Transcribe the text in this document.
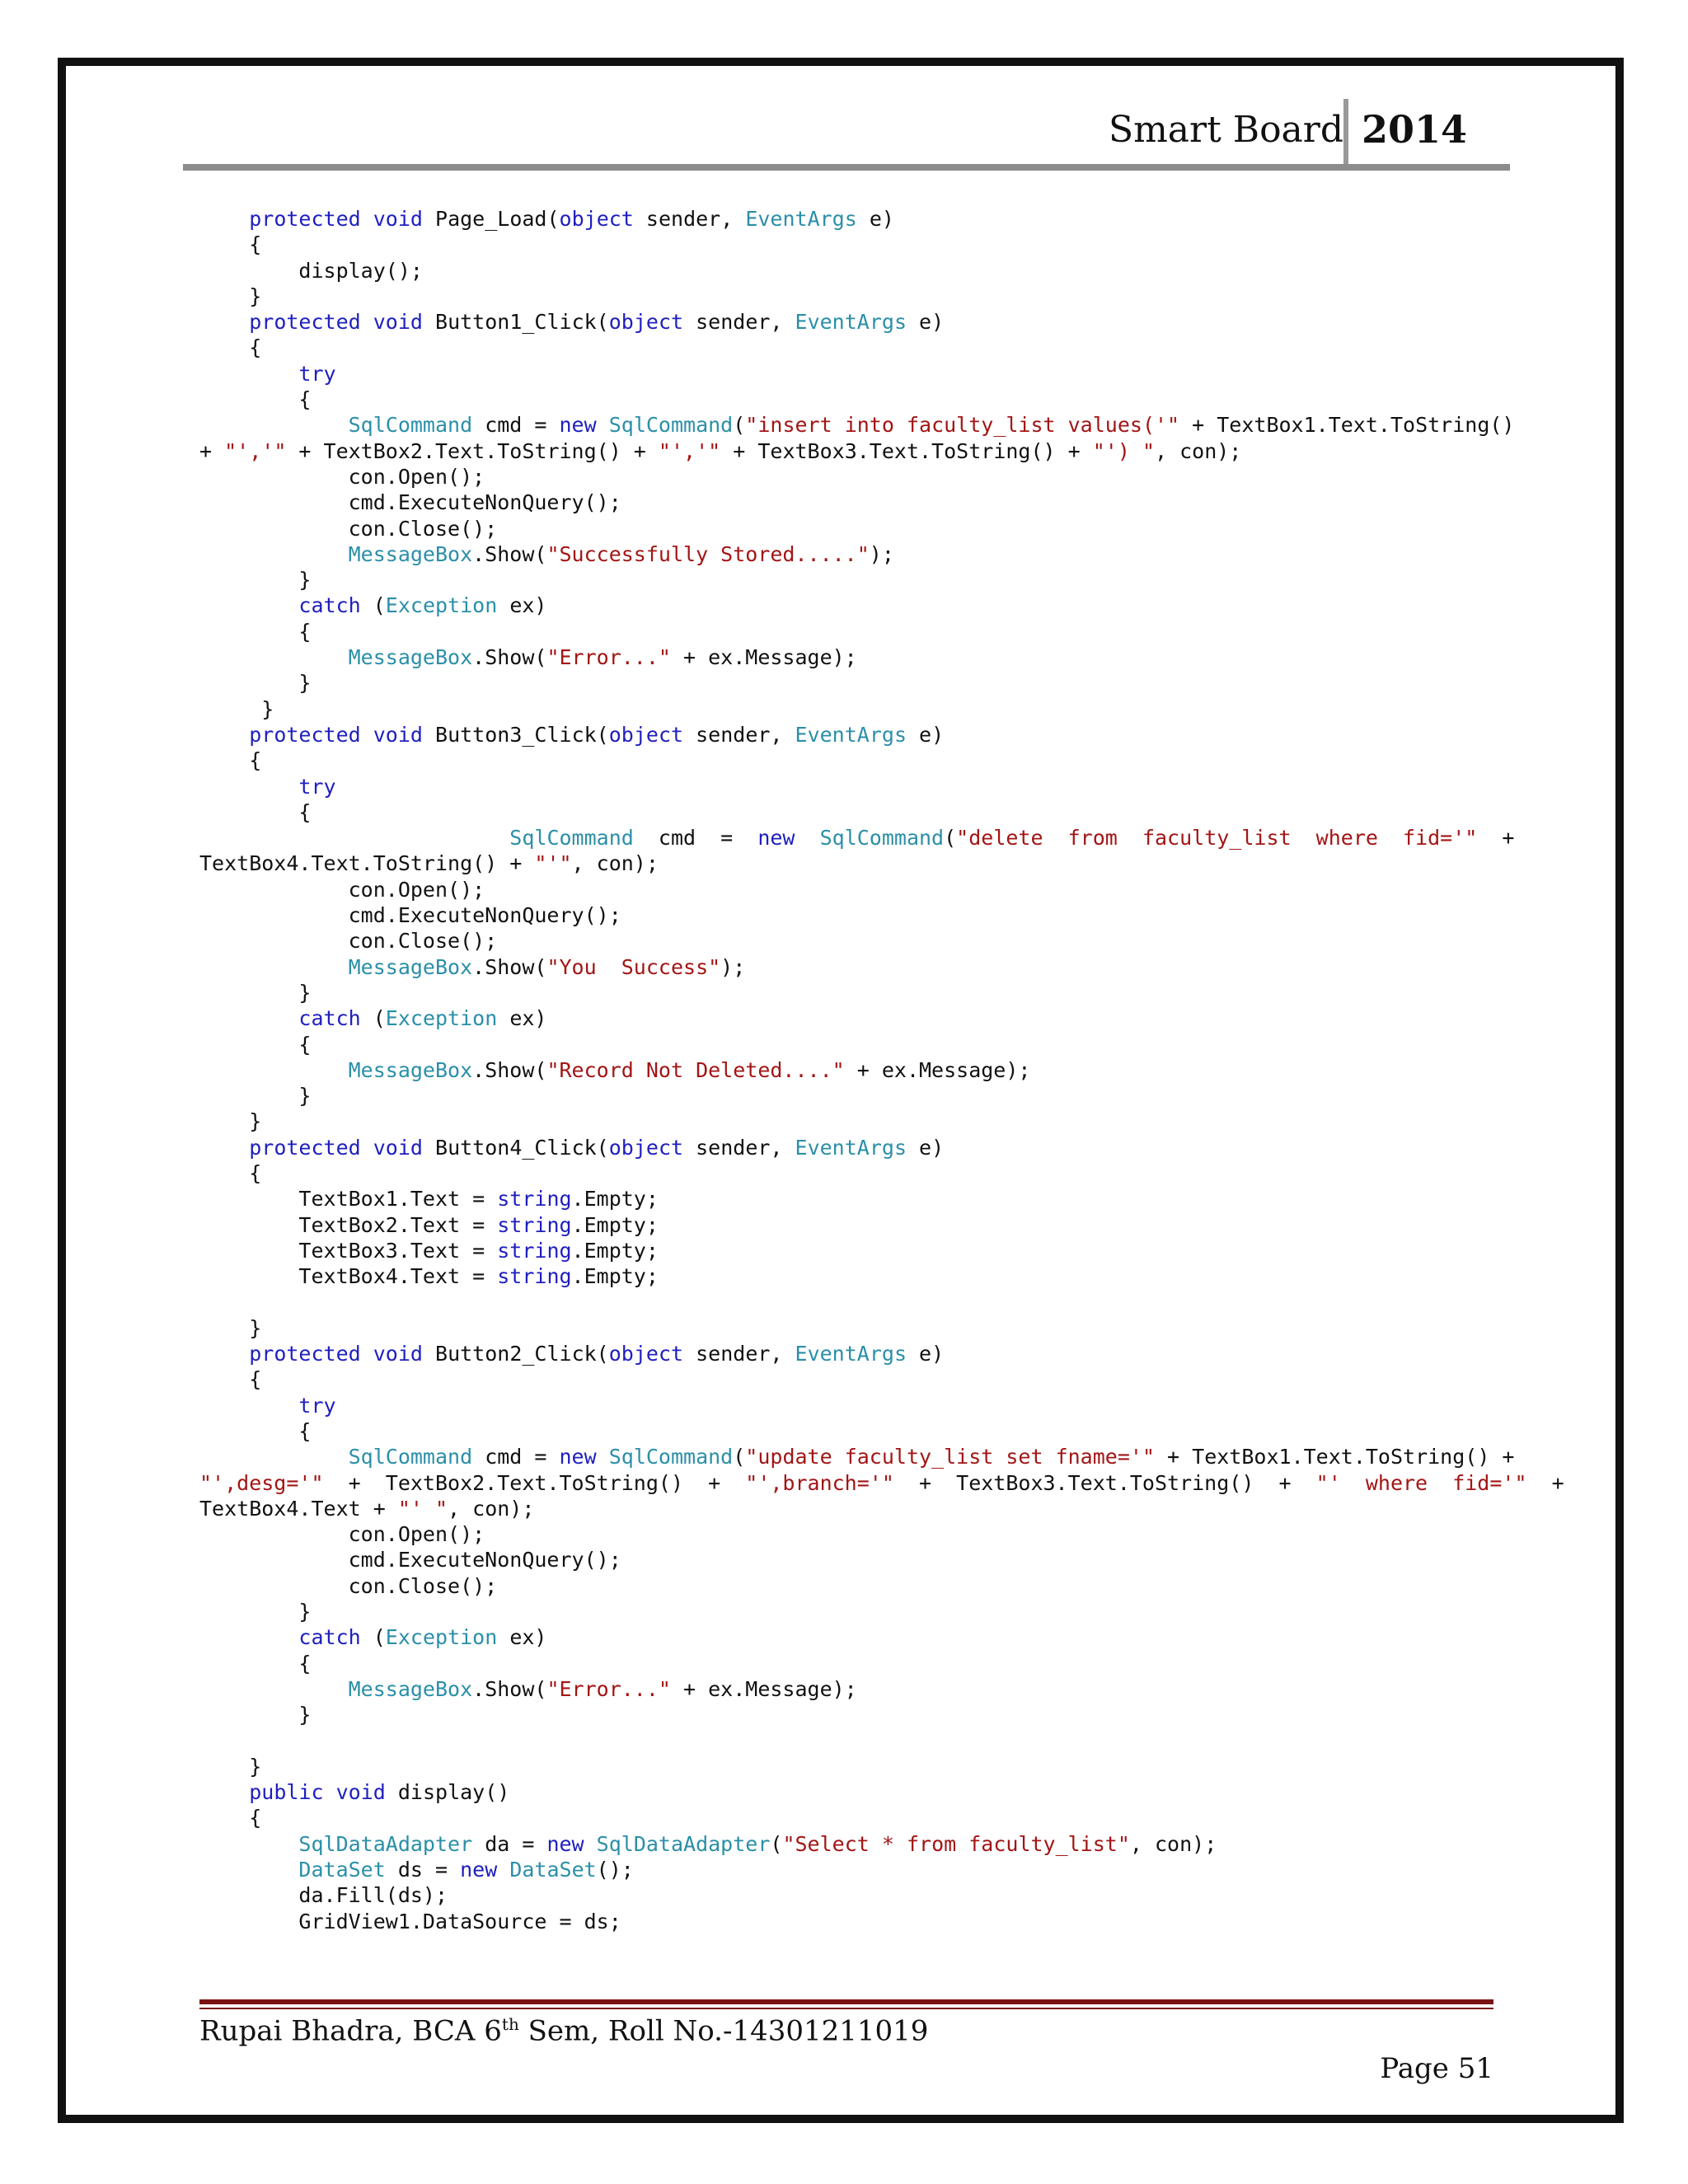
Smart Board 2014
protected void Page_Load(object sender, EventArgs e)
{
display();
}
protected void Button1_Click(object sender, EventArgs e)
{
try
{
SqlCommand cmd = new SqlCommand("insert into faculty_list values('" + TextBox1.Text.ToString()
+ "','" + TextBox2.Text.ToString() + "','" + TextBox3.Text.ToString() + "') ", con);
con.Open();
cmd.ExecuteNonQuery();
con.Close();
MessageBox.Show("Successfully Stored.....");
}
catch (Exception ex)
{
MessageBox.Show("Error..." + ex.Message);
}
}
protected void Button3_Click(object sender, EventArgs e)
{
try
{
SqlCommand  cmd  =  new SqlCommand("delete  from  faculty_list  where  fid='"  +
TextBox4.Text.ToString() + "'", con);
con.Open();
cmd.ExecuteNonQuery();
con.Close();
MessageBox.Show("You  Success");
}
catch (Exception ex)
{
MessageBox.Show("Record Not Deleted...." + ex.Message);
}
}
protected void Button4_Click(object sender, EventArgs e)
{
TextBox1.Text = string.Empty;
TextBox2.Text = string.Empty;
TextBox3.Text = string.Empty;
TextBox4.Text = string.Empty;
}
protected void Button2_Click(object sender, EventArgs e)
{
try
{
SqlCommand cmd = new SqlCommand("update faculty_list set fname='" + TextBox1.Text.ToString() +
"',desg='"  +  TextBox2.Text.ToString()  +  "',branch='"  +  TextBox3.Text.ToString()  +  "'  where  fid='"  +
TextBox4.Text + "' ", con);
con.Open();
cmd.ExecuteNonQuery();
con.Close();
}
catch (Exception ex)
{
MessageBox.Show("Error..." + ex.Message);
}
}
public void display()
{
SqlDataAdapter da = new SqlDataAdapter("Select * from faculty_list", con);
DataSet ds = new DataSet();
da.Fill(ds);
GridView1.DataSource = ds;
Rupai Bhadra, BCA 6th Sem, Roll No.-14301211019
Page 51
